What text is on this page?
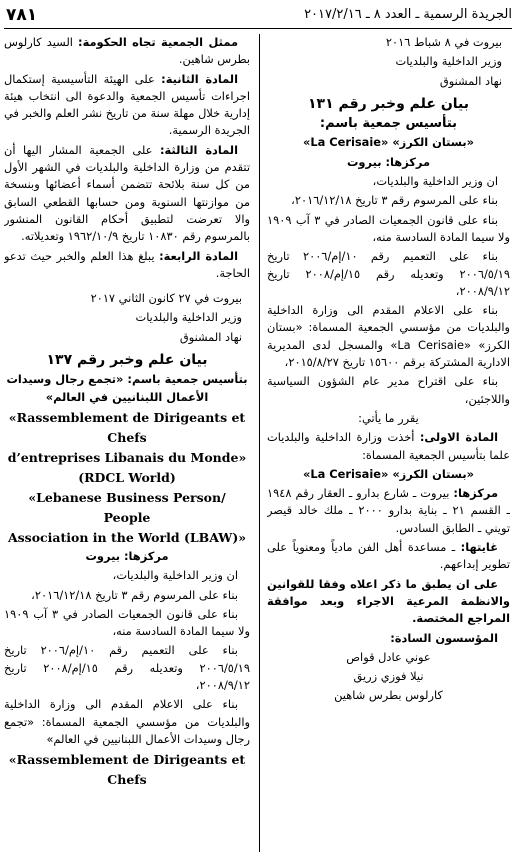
الجريدة الرسمية ـ العدد ٨ ـ ٢٠١٧/٢/١٦
٧٨١

بيروت في ٨ شباط ٢٠١٦

وزير الداخلية والبلديات

نهاد المشنوق

بيان علم وخبر رقم ١٣١

بتأسيس جمعية باسم:

«بستان الكرز» «La Cerisaie»

مركزها: بيروت

ان وزير الداخلية والبلديات،

بناء على المرسوم رقم ٣ تاريخ ٢٠١٦/١٢/١٨،

بناء على قانون الجمعيات الصادر في ٣ آب ١٩٠٩ ولا سيما المادة السادسة منه،

بناء على التعميم رقم ١٠/إم/٢٠٠٦ تاريخ ٢٠٠٦/٥/١٩ وتعديله رقم ١٥/إم/٢٠٠٨ تاريخ ٢٠٠٨/٩/١٢،

بناء على الاعلام المقدم الى وزارة الداخلية والبلديات من مؤسسي الجمعية المسماة: «بستان الكرز» «La Cerisaie» والمسجل لدى المديرية الادارية المشتركة برقم ١٥٦٠٠ تاريخ ٢٠١٥/٨/٢٧،

بناء على اقتراح مدير عام الشؤون السياسية واللاجئين،

يقرر ما يأتي:

المادة الاولى: أخذت وزارة الداخلية والبلديات علما بتأسيس الجمعية المسماة:

«بستان الكرز» «La Cerisaie»

مركزها: بيروت ـ شارع بدارو ـ العقار رقم ١٩٤٨ ـ القسم ٢١ ـ بناية بدارو ٢٠٠٠ ـ ملك خالد قيصر تويني ـ الطابق السادس.

غايتها: ـ مساعدة أهل الفن مادياً ومعنوياً على تطوير إبداعهم.

على ان يطبق ما ذكر اعلاه وفقا للقوانين والانظمة المرعية الاجراء وبعد موافقة المراجع المختصة.

المؤسسون السادة:

عوني عادل قواص

نيلا فوزي زريق

كارلوس بطرس شاهين

ممثل الجمعية تجاه الحكومة: السيد كارلوس بطرس شاهين.

المادة الثانية: على الهيئة التأسيسية إستكمال اجراءات تأسيس الجمعية والدعوة الى انتخاب هيئة إدارية خلال مهلة سنة من تاريخ نشر العلم والخبر في الجريدة الرسمية.

المادة الثالثة: على الجمعية المشار اليها أن تتقدم من وزارة الداخلية والبلديات في الشهر الأول من كل سنة بلائحة تتضمن أسماء أعضائها وبنسخة من موازنتها السنوية ومن حسابها القطعي السابق والا تعرضت لتطبيق أحكام القانون المنشور بالمرسوم رقم ١٠٨٣٠ تاريخ ١٩٦٢/١٠/٩ وتعديلاته.

المادة الرابعة: يبلغ هذا العلم والخبر حيث تدعو الحاجة.

بيروت في ٢٧ كانون الثاني ٢٠١٧

وزير الداخلية والبلديات

نهاد المشنوق

بيان علم وخبر رقم ١٣٧

بتأسيس جمعية باسم: «تجمع رجال وسيدات الأعمال اللبنانيين في العالم»

«Rassemblement de Dirigeants et Chefs
d’entreprises Libanais du Monde»
(RDCL World)
«Lebanese Business Person/ People
Association in the World (LBAW)»

مركزها: بيروت

ان وزير الداخلية والبلديات،

بناء على المرسوم رقم ٣ تاريخ ٢٠١٦/١٢/١٨،

بناء على قانون الجمعيات الصادر في ٣ آب ١٩٠٩ ولا سيما المادة السادسة منه،

بناء على التعميم رقم ١٠/إم/٢٠٠٦ تاريخ ٢٠٠٦/٥/١٩ وتعديله رقم ١٥/إم/٢٠٠٨ تاريخ ٢٠٠٨/٩/١٢،

بناء على الاعلام المقدم الى وزارة الداخلية والبلديات من مؤسسي الجمعية المسماة: «تجمع رجال وسيدات الأعمال اللبنانيين في العالم»

«Rassemblement de Dirigeants et Chefs
